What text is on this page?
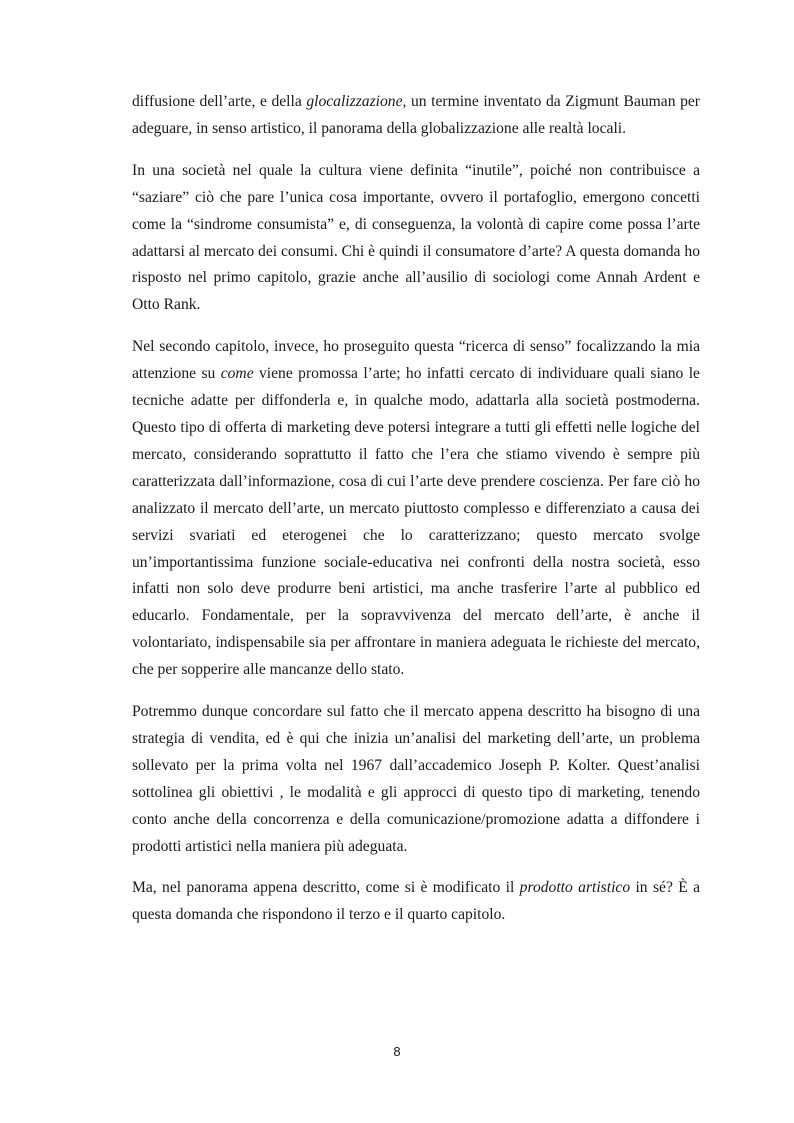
diffusione dell’arte, e della glocalizzazione, un termine inventato da Zigmunt Bauman per adeguare, in senso artistico, il panorama della globalizzazione alle realtà locali.

In una società nel quale la cultura viene definita “inutile”, poiché non contribuisce a “saziare” ciò che pare l’unica cosa importante, ovvero il portafoglio, emergono concetti come la “sindrome consumista” e, di conseguenza, la volontà di capire come possa l’arte adattarsi al mercato dei consumi. Chi è quindi il consumatore d’arte? A questa domanda ho risposto nel primo capitolo, grazie anche all’ausilio di sociologi come Annah Ardent e Otto Rank.

Nel secondo capitolo, invece, ho proseguito questa “ricerca di senso” focalizzando la mia attenzione su come viene promossa l’arte; ho infatti cercato di individuare quali siano le tecniche adatte per diffonderla e, in qualche modo, adattarla alla società postmoderna. Questo tipo di offerta di marketing deve potersi integrare a tutti gli effetti nelle logiche del mercato, considerando soprattutto il fatto che l’era che stiamo vivendo è sempre più caratterizzata dall’informazione, cosa di cui l’arte deve prendere coscienza. Per fare ciò ho analizzato il mercato dell’arte, un mercato piuttosto complesso e differenziato a causa dei servizi svariati ed eterogenei che lo caratterizzano; questo mercato svolge un’importantissima funzione sociale-educativa nei confronti della nostra società, esso infatti non solo deve produrre beni artistici, ma anche trasferire l’arte al pubblico ed educarlo. Fondamentale, per la sopravvivenza del mercato dell’arte, è anche il volontariato, indispensabile sia per affrontare in maniera adeguata le richieste del mercato, che per sopperire alle mancanze dello stato.

Potremmo dunque concordare sul fatto che il mercato appena descritto ha bisogno di una strategia di vendita, ed è qui che inizia un’analisi del marketing dell’arte, un problema sollevato per la prima volta nel 1967 dall’accademico Joseph P. Kolter. Quest’analisi sottolinea gli obiettivi , le modalità e gli approcci di questo tipo di marketing, tenendo conto anche della concorrenza e della comunicazione/promozione adatta a diffondere i prodotti artistici nella maniera più adeguata.

Ma, nel panorama appena descritto, come si è modificato il prodotto artistico in sé? È a questa domanda che rispondono il terzo e il quarto capitolo.

8
